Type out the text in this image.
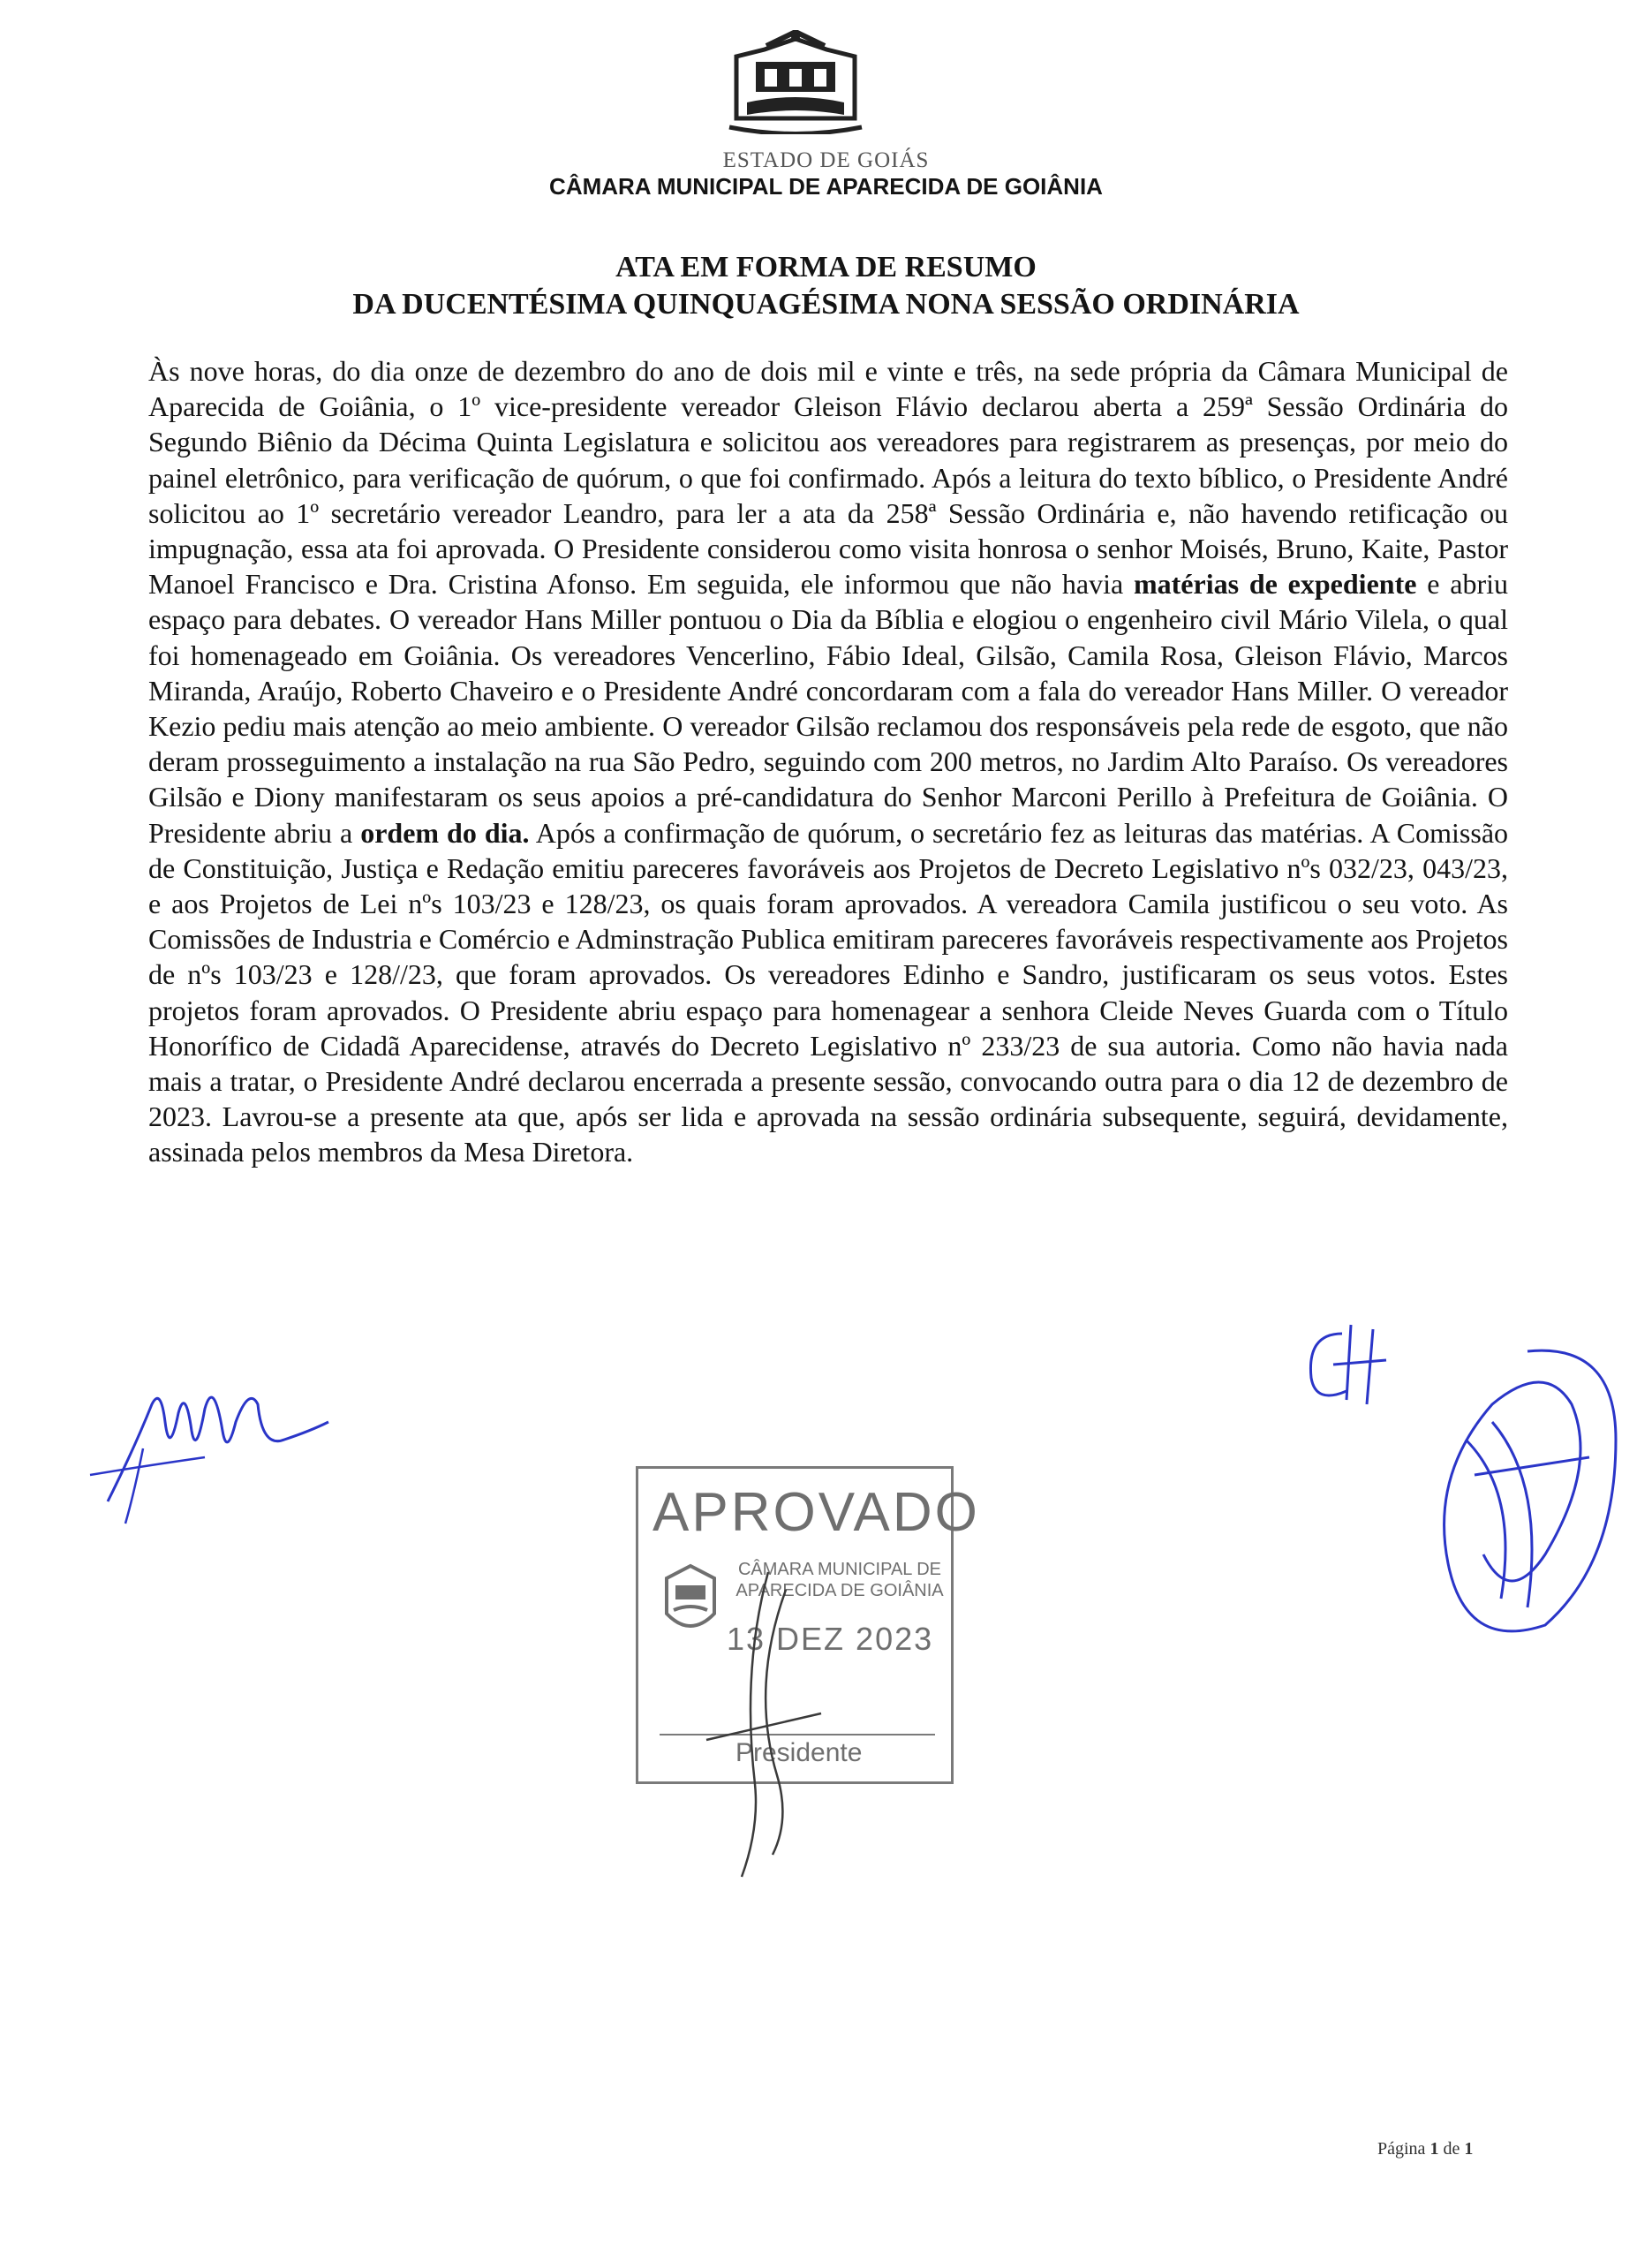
ESTADO DE GOIÁS
CÂMARA MUNICIPAL DE APARECIDA DE GOIÂNIA
ATA EM FORMA DE RESUMO
DA DUCENTÉSIMA QUINQUAGÉSIMA NONA SESSÃO ORDINÁRIA
Às nove horas, do dia onze de dezembro do ano de dois mil e vinte e três, na sede própria da Câmara Municipal de Aparecida de Goiânia, o 1º vice-presidente vereador Gleison Flávio declarou aberta a 259ª Sessão Ordinária do Segundo Biênio da Décima Quinta Legislatura e solicitou aos vereadores para registrarem as presenças, por meio do painel eletrônico, para verificação de quórum, o que foi confirmado. Após a leitura do texto bíblico, o Presidente André solicitou ao 1º secretário vereador Leandro, para ler a ata da 258ª Sessão Ordinária e, não havendo retificação ou impugnação, essa ata foi aprovada. O Presidente considerou como visita honrosa o senhor Moisés, Bruno, Kaite, Pastor Manoel Francisco e Dra. Cristina Afonso. Em seguida, ele informou que não havia matérias de expediente e abriu espaço para debates. O vereador Hans Miller pontuou o Dia da Bíblia e elogiou o engenheiro civil Mário Vilela, o qual foi homenageado em Goiânia. Os vereadores Vencerlino, Fábio Ideal, Gilsão, Camila Rosa, Gleison Flávio, Marcos Miranda, Araújo, Roberto Chaveiro e o Presidente André concordaram com a fala do vereador Hans Miller. O vereador Kezio pediu mais atenção ao meio ambiente. O vereador Gilsão reclamou dos responsáveis pela rede de esgoto, que não deram prosseguimento a instalação na rua São Pedro, seguindo com 200 metros, no Jardim Alto Paraíso. Os vereadores Gilsão e Diony manifestaram os seus apoios a pré-candidatura do Senhor Marconi Perillo à Prefeitura de Goiânia. O Presidente abriu a ordem do dia. Após a confirmação de quórum, o secretário fez as leituras das matérias. A Comissão de Constituição, Justiça e Redação emitiu pareceres favoráveis aos Projetos de Decreto Legislativo nºs 032/23, 043/23, e aos Projetos de Lei nºs 103/23 e 128/23, os quais foram aprovados. A vereadora Camila justificou o seu voto. As Comissões de Industria e Comércio e Adminstração Publica emitiram pareceres favoráveis respectivamente aos Projetos de nºs 103/23 e 128//23, que foram aprovados. Os vereadores Edinho e Sandro, justificaram os seus votos. Estes projetos foram aprovados. O Presidente abriu espaço para homenagear a senhora Cleide Neves Guarda com o Título Honorífico de Cidadã Aparecidense, através do Decreto Legislativo nº 233/23 de sua autoria. Como não havia nada mais a tratar, o Presidente André declarou encerrada a presente sessão, convocando outra para o dia 12 de dezembro de 2023. Lavrou-se a presente ata que, após ser lida e aprovada na sessão ordinária subsequente, seguirá, devidamente, assinada pelos membros da Mesa Diretora.
APROVADO
CÂMARA MUNICIPAL DE
APARECIDA DE GOIÂNIA
13 DEZ 2023
Presidente
Página 1 de 1
